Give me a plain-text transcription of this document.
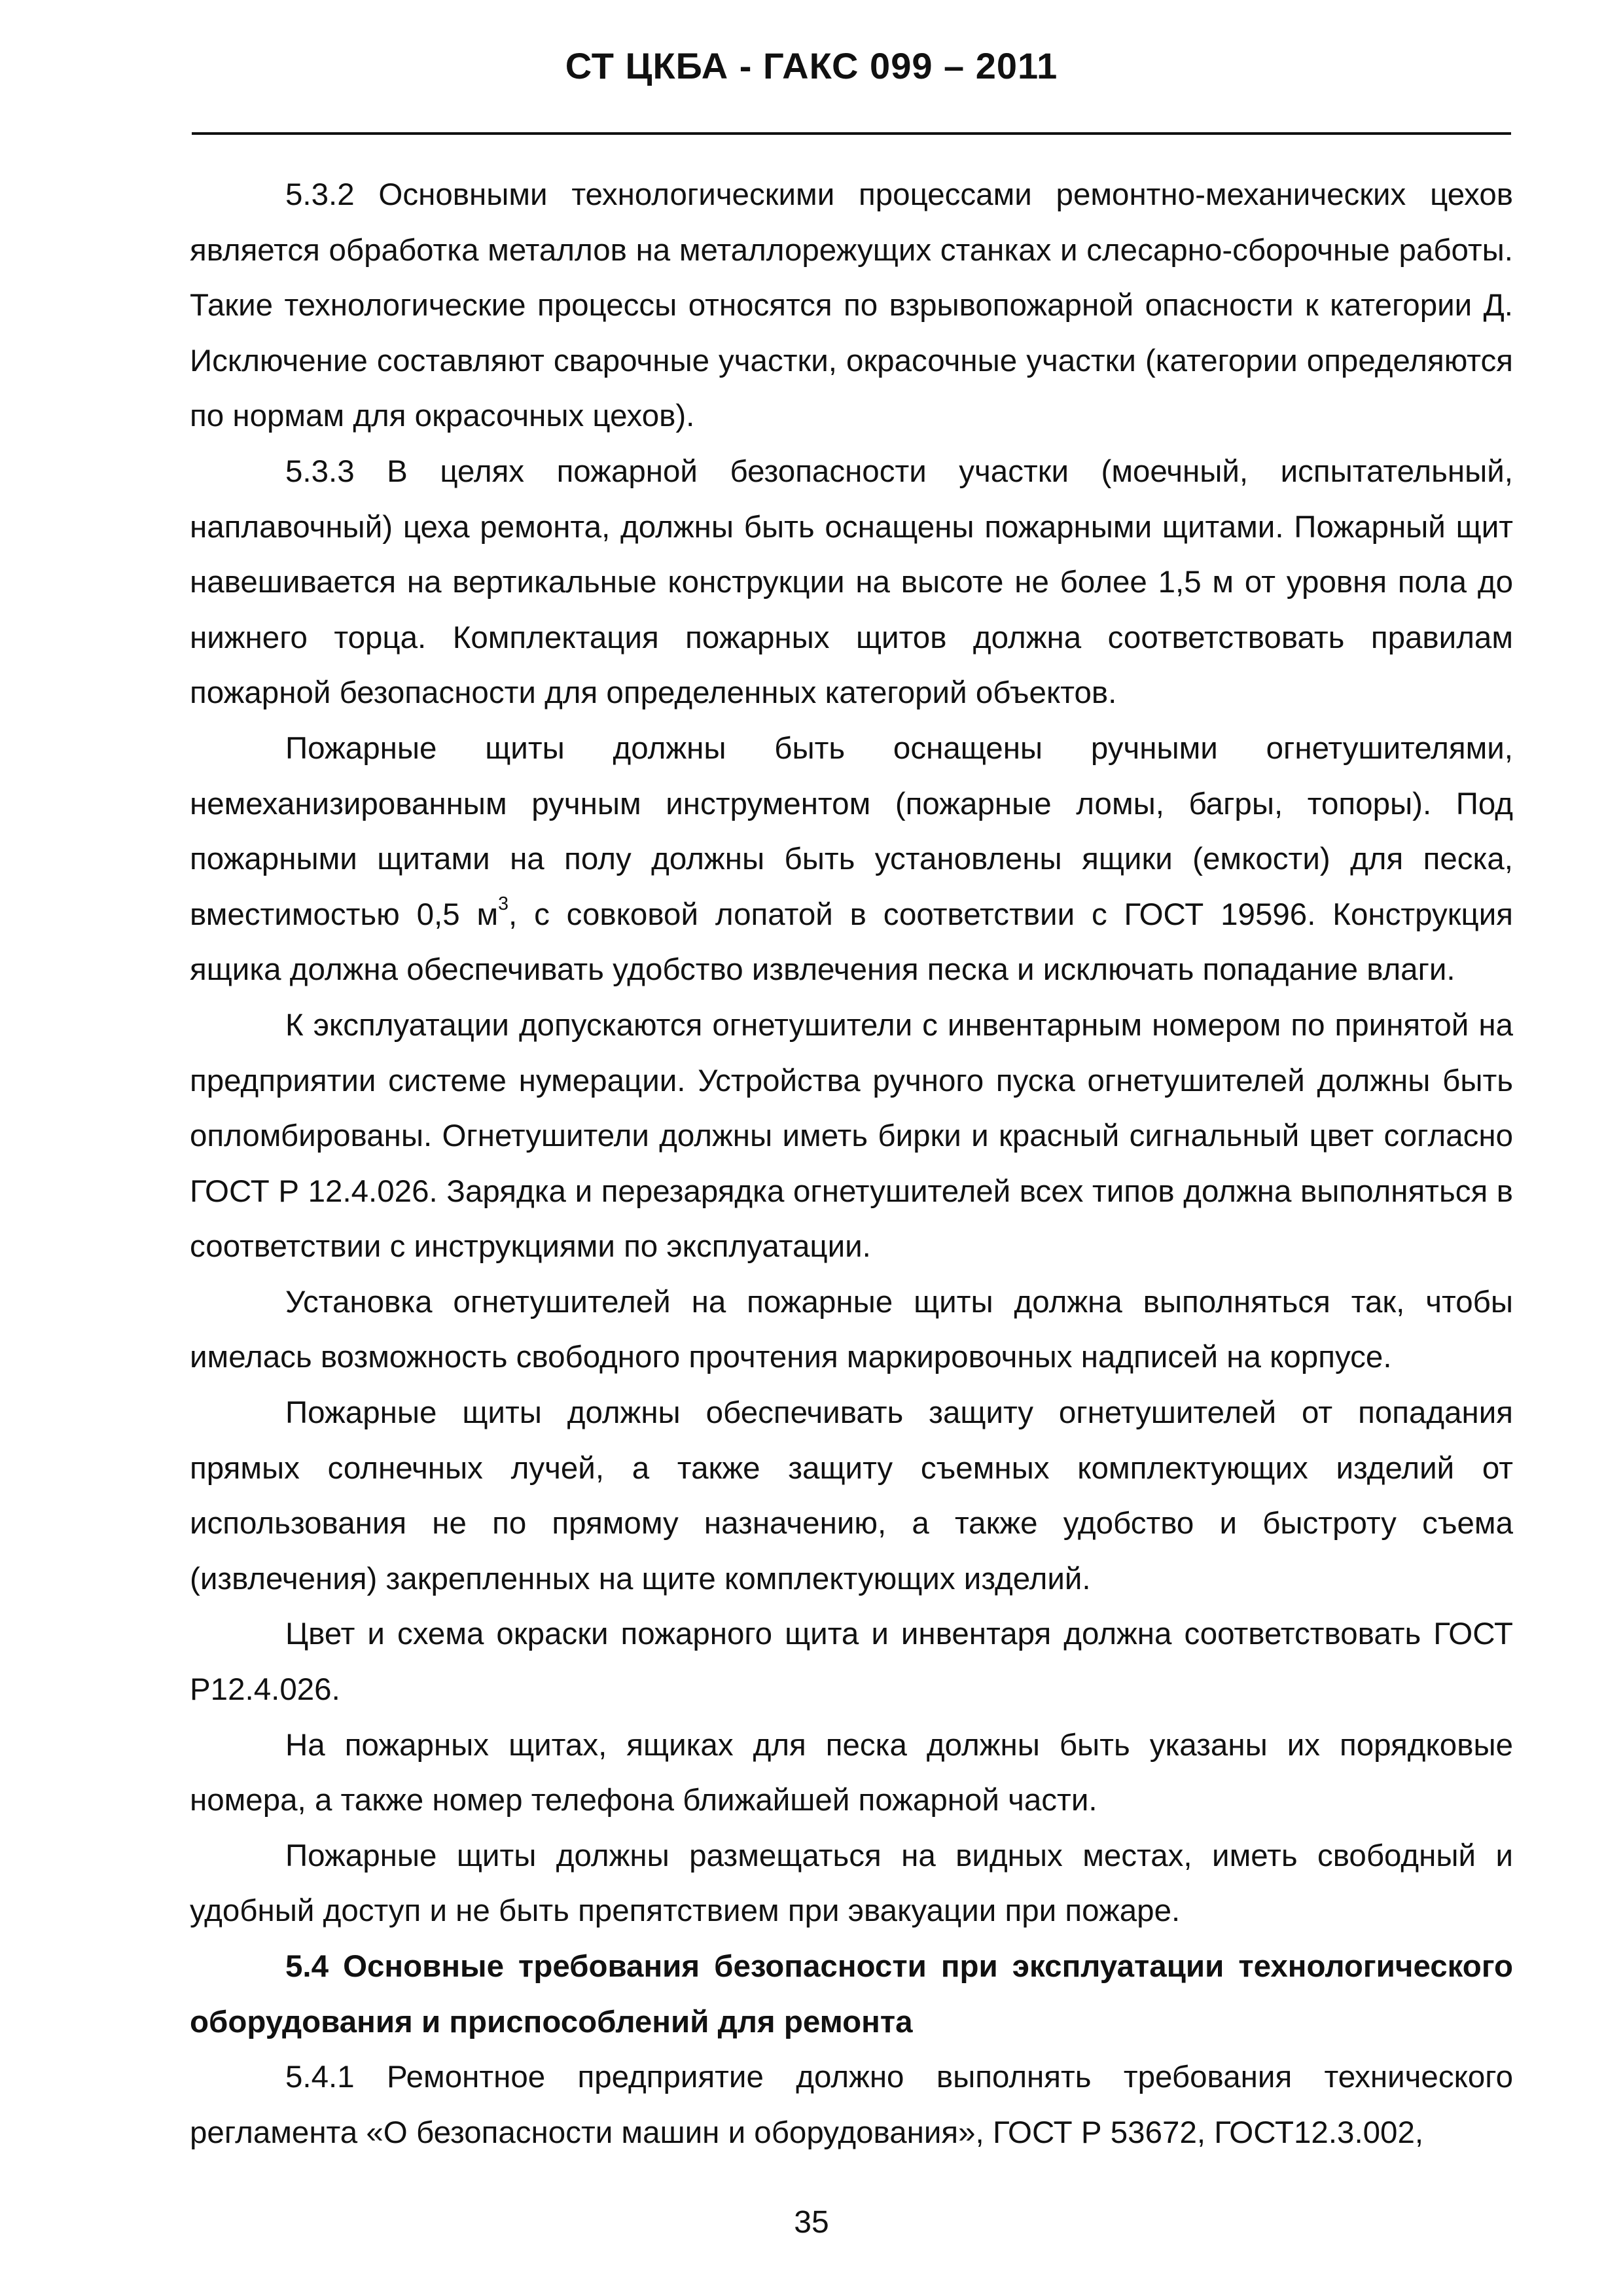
СТ ЦКБА - ГАКС 099 – 2011

5.3.2 Основными технологическими процессами ремонтно-механических цехов является обработка металлов на металлорежущих станках и слесарно-сборочные работы. Такие технологические процессы относятся по взрывопожарной опасности к категории Д. Исключение составляют сварочные участки, окрасочные участки (категории определяются по нормам для окрасочных цехов).

5.3.3 В целях пожарной безопасности участки (моечный, испытательный, наплавочный) цеха ремонта, должны быть оснащены пожарными щитами. Пожарный щит навешивается на вертикальные конструкции на высоте не более 1,5 м от уровня пола до нижнего торца. Комплектация пожарных щитов должна соответствовать правилам пожарной безопасности для определенных категорий объектов.

Пожарные щиты должны быть оснащены ручными огнетушителями, немеханизированным ручным инструментом (пожарные ломы, багры, топоры). Под пожарными щитами на полу должны быть установлены ящики (емкости) для песка, вместимостью 0,5 $м^3$, с совковой лопатой в соответствии с ГОСТ 19596. Конструкция ящика должна обеспечивать удобство извлечения песка и исключать попадание влаги.

К эксплуатации допускаются огнетушители с инвентарным номером по принятой на предприятии системе нумерации. Устройства ручного пуска огнетушителей должны быть опломбированы. Огнетушители должны иметь бирки и красный сигнальный цвет согласно ГОСТ Р 12.4.026. Зарядка и перезарядка огнетушителей всех типов должна выполняться в соответствии с инструкциями по эксплуатации.

Установка огнетушителей на пожарные щиты должна выполняться так, чтобы имелась возможность свободного прочтения маркировочных надписей на корпусе.

Пожарные щиты должны обеспечивать защиту огнетушителей от попадания прямых солнечных лучей, а также защиту съемных комплектующих изделий от использования не по прямому назначению, а также удобство и быстроту съема (извлечения) закрепленных на щите комплектующих изделий.

Цвет и схема окраски пожарного щита и инвентаря должна соответствовать ГОСТ Р12.4.026.

На пожарных щитах, ящиках для песка должны быть указаны их порядковые номера, а также номер телефона ближайшей пожарной части.

Пожарные щиты должны размещаться на видных местах, иметь свободный и удобный доступ и не быть препятствием при эвакуации при пожаре.

5.4 Основные требования безопасности при эксплуатации технологического оборудования и приспособлений для ремонта

5.4.1 Ремонтное предприятие должно выполнять требования технического регламента «О безопасности машин и оборудования», ГОСТ Р 53672, ГОСТ12.3.002,

35
